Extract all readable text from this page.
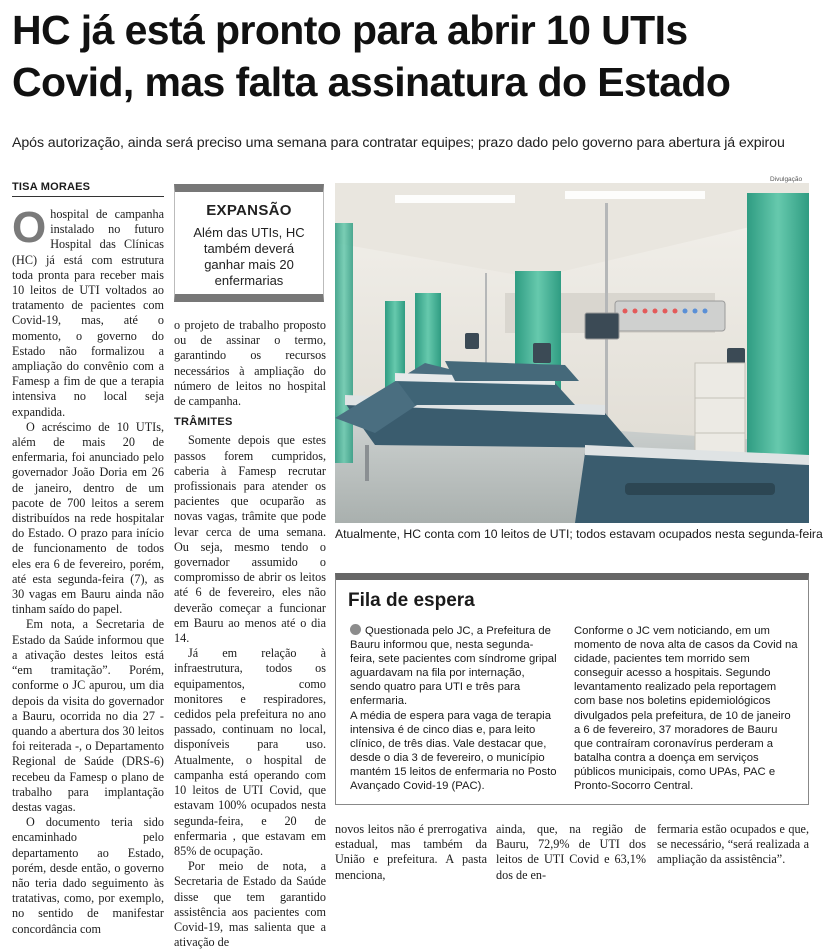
HC já está pronto para abrir 10 UTIs
Covid, mas falta assinatura do Estado
Após autorização, ainda será preciso uma semana para contratar equipes; prazo dado pelo governo para abertura já expirou
TISA MORAES

Ohospital de campanha instalado no futuro Hospital das Clínicas (HC) já está com estrutura toda pronta para receber mais 10 leitos de UTI voltados ao tratamento de pacientes com Covid-19, mas, até o momento, o governo do Estado não formalizou a ampliação do convênio com a Famesp a fim de que a terapia intensiva no local seja expandida.

O acréscimo de 10 UTIs, além de mais 20 de enfermaria, foi anunciado pelo governador João Doria em 26 de janeiro, dentro de um pacote de 700 leitos a serem distribuídos na rede hospitalar do Estado. O prazo para início de funcionamento de todos eles era 6 de fevereiro, porém, até esta segunda-feira (7), as 30 vagas em Bauru ainda não tinham saído do papel.

Em nota, a Secretaria de Estado da Saúde informou que a ativação destes leitos está “em tramitação”. Porém, conforme o JC apurou, um dia depois da visita do governador a Bauru, ocorrida no dia 27 - quando a abertura dos 30 leitos foi reiterada -, o Departamento Regional de Saúde (DRS-6) recebeu da Famesp o plano de trabalho para implantação destas vagas.

O documento teria sido encaminhado pelo departamento ao Estado, porém, desde então, o governo não teria dado seguimento às tratativas, como, por exemplo, no sentido de manifestar concordância com

EXPANSÃO
Além das UTIs, HC também deverá ganhar mais 20 enfermarias

o projeto de trabalho proposto ou de assinar o termo, garantindo os recursos necessários à ampliação do número de leitos no hospital de campanha.

TRÂMITES

Somente depois que estes passos forem cumpridos, caberia à Famesp recrutar profissionais para atender os pacientes que ocuparão as novas vagas, trâmite que pode levar cerca de uma semana. Ou seja, mesmo tendo o governador assumido o compromisso de abrir os leitos até 6 de fevereiro, eles não deverão começar a funcionar em Bauru ao menos até o dia 14.

Já em relação à infraestrutura, todos os equipamentos, como monitores e respiradores, cedidos pela prefeitura no ano passado, continuam no local, disponíveis para uso. Atualmente, o hospital de campanha está operando com 10 leitos de UTI Covid, que estavam 100% ocupados nesta segunda-feira, e 20 de enfermaria , que estavam em 85% de ocupação.

Por meio de nota, a Secretaria de Estado da Saúde disse que tem garantido assistência aos pacientes com Covid-19, mas salienta que a ativação de

Divulgação
Atualmente, HC conta com 10 leitos de UTI; todos estavam ocupados nesta segunda-feira
Fila de espera

Questionada pelo JC, a Prefeitura de Bauru informou que, nesta segunda-feira, sete pacientes com síndrome gripal aguardavam na fila por internação, sendo quatro para UTI e três para enfermaria.

A média de espera para vaga de terapia intensiva é de cinco dias e, para leito clínico, de três dias. Vale destacar que, desde o dia 3 de fevereiro, o município mantém 15 leitos de enfermaria no Posto Avançado Covid-19 (PAC).

Conforme o JC vem noticiando, em um momento de nova alta de casos da Covid na cidade, pacientes tem morrido sem conseguir acesso a hospitais. Segundo levantamento realizado pela reportagem com base nos boletins epidemiológicos divulgados pela prefeitura, de 10 de janeiro a 6 de fevereiro, 37 moradores de Bauru que contraíram coronavírus perderam a batalha contra a doença em serviços públicos municipais, como UPAs, PAC e Pronto-Socorro Central.

novos leitos não é prerrogativa estadual, mas também da União e prefeitura. A pasta menciona,
ainda, que, na região de Bauru, 72,9% de UTI dos leitos de UTI Covid e 63,1% dos de en-
fermaria estão ocupados e que, se necessário, “será realizada a ampliação da assistência”.
